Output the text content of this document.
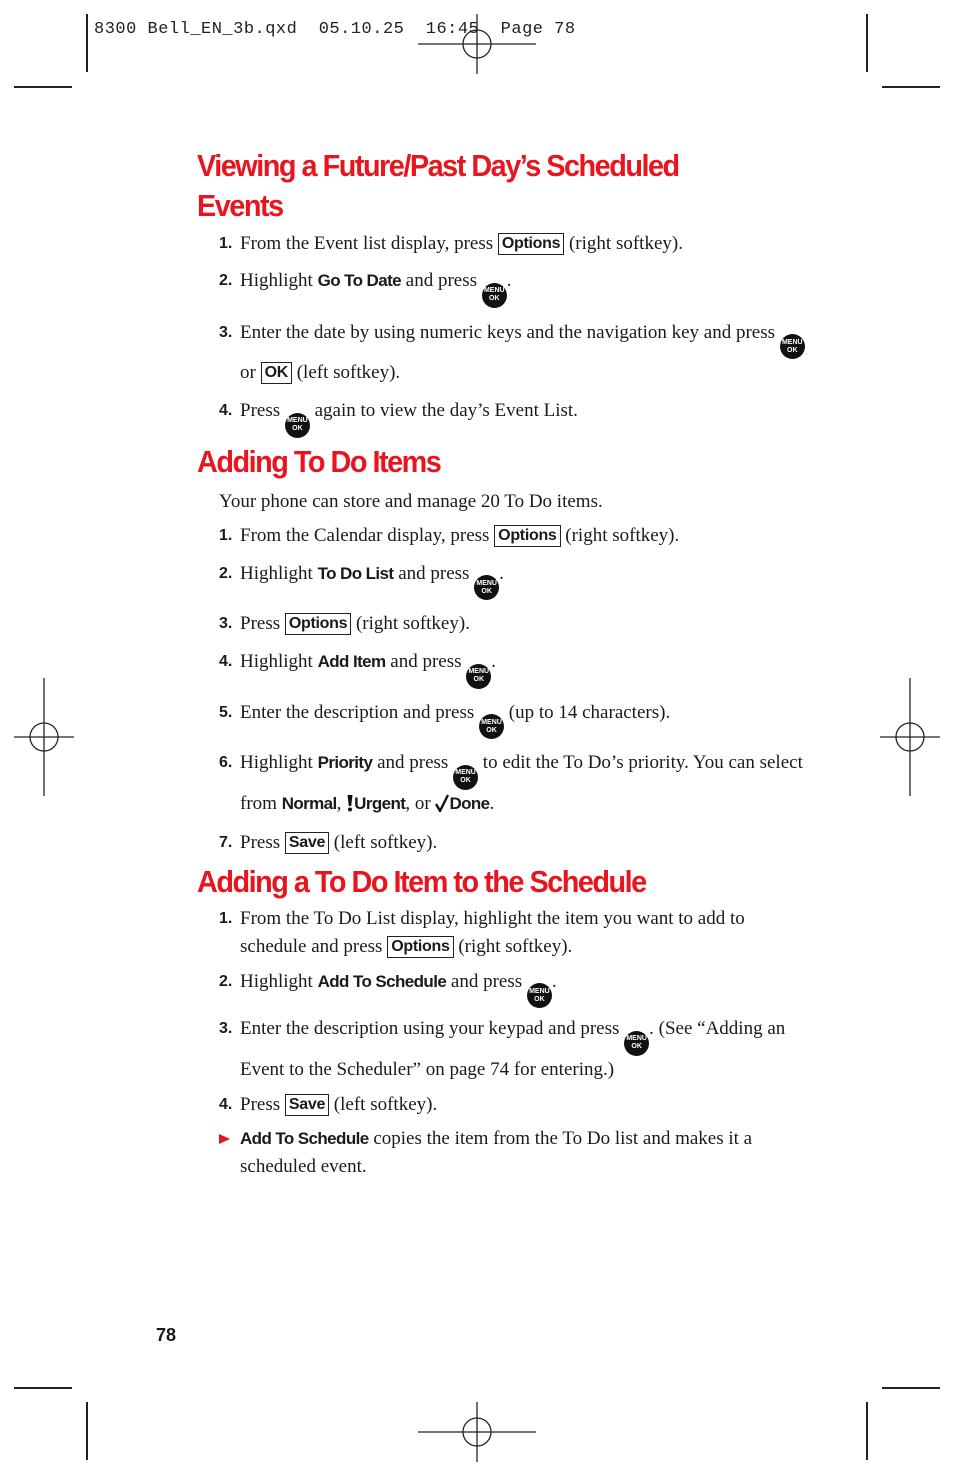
8300 Bell_EN_3b.qxd  05.10.25  16:45  Page 78
Viewing a Future/Past Day’s Scheduled Events
1. From the Event list display, press Options (right softkey).
2. Highlight Go To Date and press MENU
OK
.
3. Enter the date by using numeric keys and the navigation key and press MENU
OK
or OK (left softkey).
4. Press MENU
OK
again to view the day’s Event List.
Adding To Do Items

Your phone can store and manage 20 To Do items.

1. From the Calendar display, press Options (right softkey).
2. Highlight To Do List and press MENU
OK
.
3. Press Options (right softkey).
4. Highlight Add Item and press MENU
OK
.
5. Enter the description and press MENU
OK
(up to 14 characters).
6. Highlight Priority and press MENU
OK
to edit the To Do’s priority. You can select from Normal, Urgent, or Done.
7. Press Save (left softkey).
Adding a To Do Item to the Schedule
1. From the To Do List display, highlight the item you want to add to schedule and press Options (right softkey).
2. Highlight Add To Schedule and press MENU
OK
.
3. Enter the description using your keypad and press MENU
OK
. (See “Adding an Event to the Scheduler” on page 74 for entering.)
4. Press Save (left softkey).
Add To Schedule copies the item from the To Do list and makes it a scheduled event.
78
